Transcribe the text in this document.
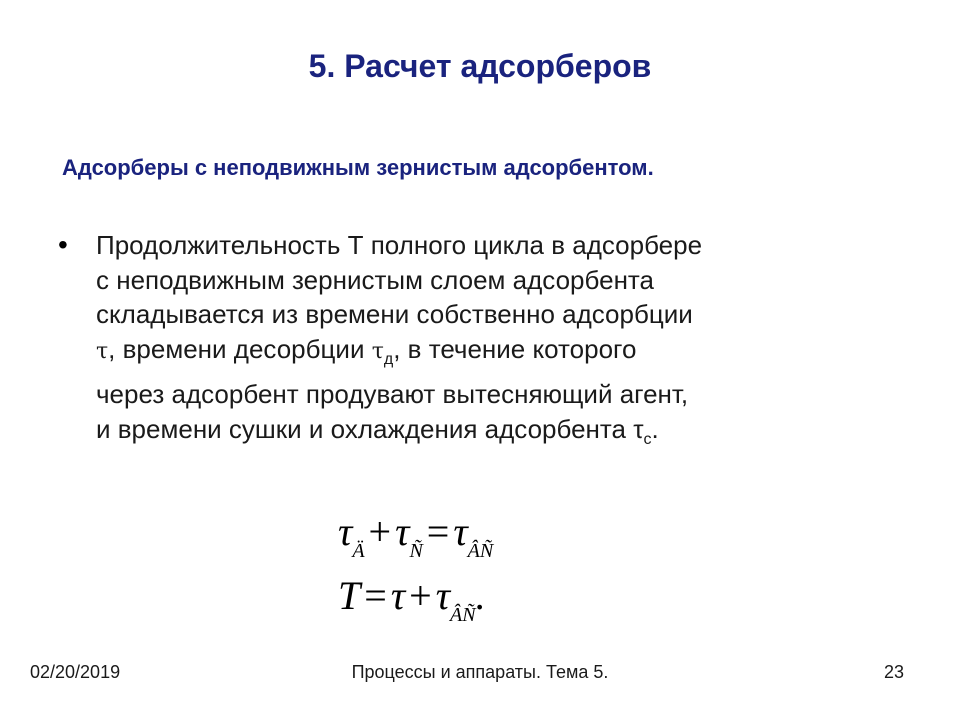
5. Расчет адсорберов
Адсорберы с неподвижным зернистым адсорбентом.
• Продолжительность Т полного цикла в адсорбере
с неподвижным зернистым слоем адсорбента
складывается из времени собственно адсорбции
τ, времени десорбции $\tau_д$, в течение которого
через адсорбент продувают вытесняющий агент,
и времени сушки и охлаждения адсорбента $\tau_с$.
$\tau_Ä + \tau_Ñ = \tau_{ÂÑ}$
$T = \tau + \tau_{ÂÑ}$.
02/20/2019	Процессы и аппараты. Тема 5.	23
